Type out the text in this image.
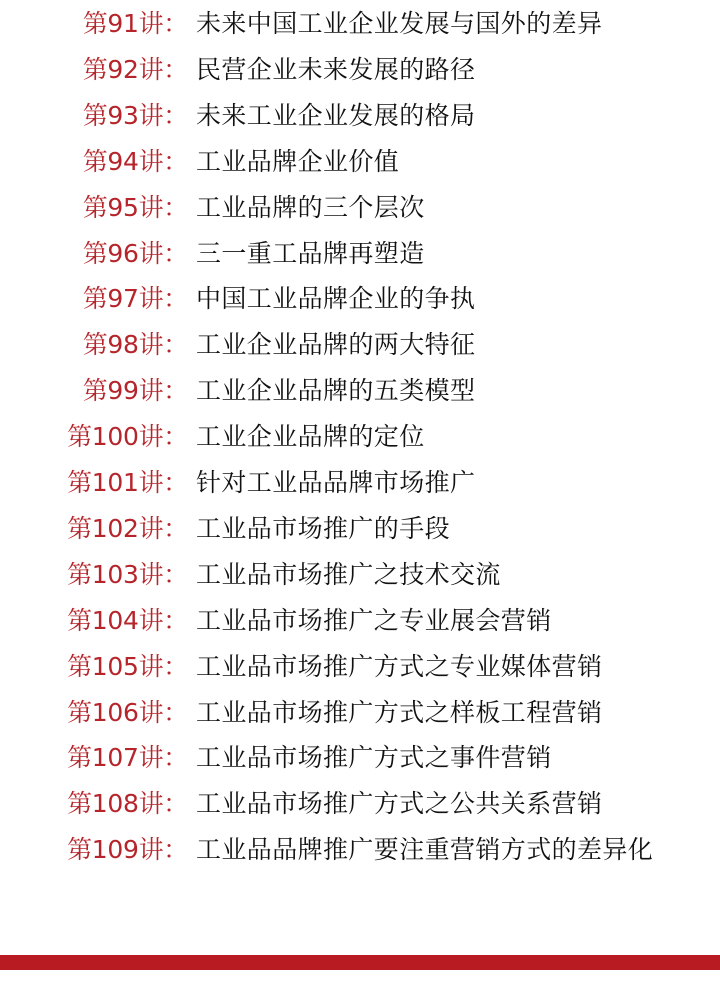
第91讲： 未来中国工业企业发展与国外的差异
第92讲： 民营企业未来发展的路径
第93讲： 未来工业企业发展的格局
第94讲： 工业品牌企业价值
第95讲： 工业品牌的三个层次
第96讲： 三一重工品牌再塑造
第97讲： 中国工业品牌企业的争执
第98讲： 工业企业品牌的两大特征
第99讲： 工业企业品牌的五类模型
第100讲： 工业企业品牌的定位
第101讲： 针对工业品品牌市场推广
第102讲： 工业品市场推广的手段
第103讲： 工业品市场推广之技术交流
第104讲： 工业品市场推广之专业展会营销
第105讲： 工业品市场推广方式之专业媒体营销
第106讲： 工业品市场推广方式之样板工程营销
第107讲： 工业品市场推广方式之事件营销
第108讲： 工业品市场推广方式之公共关系营销
第109讲： 工业品品牌推广要注重营销方式的差异化
